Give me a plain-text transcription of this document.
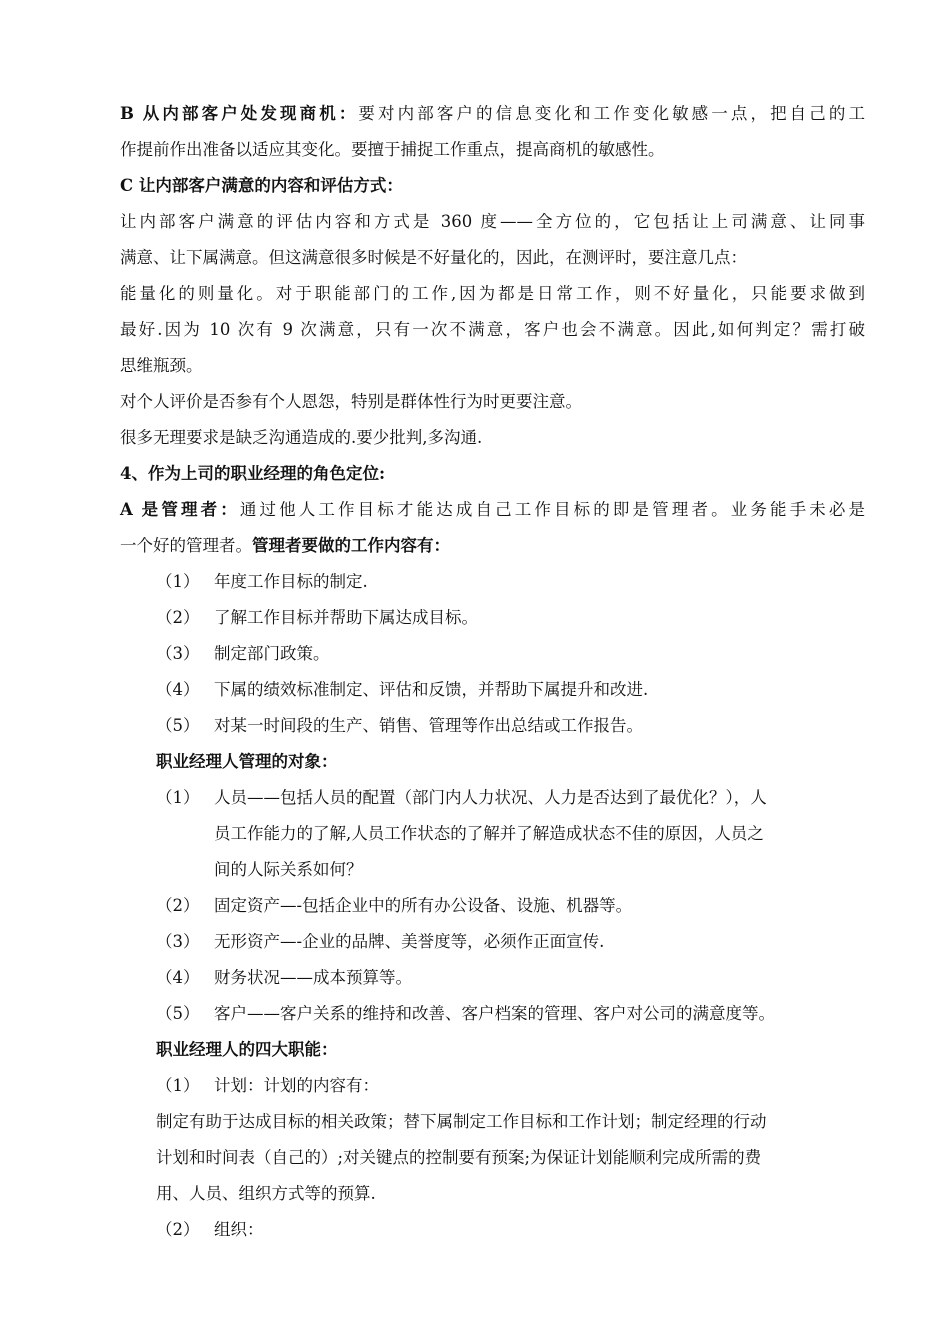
B 从内部客户处发现商机：要对内部客户的信息变化和工作变化敏感一点，把自己的工
作提前作出准备以适应其变化。要擅于捕捉工作重点，提高商机的敏感性。
C 让内部客户满意的内容和评估方式：
让内部客户满意的评估内容和方式是 360 度——全方位的，它包括让上司满意、让同事
满意、让下属满意。但这满意很多时候是不好量化的，因此，在测评时，要注意几点：
能量化的则量化。对于职能部门的工作,因为都是日常工作，则不好量化，只能要求做到
最好.因为 10 次有 9 次满意，只有一次不满意，客户也会不满意。因此,如何判定？需打破
思维瓶颈。
对个人评价是否参有个人恩怨，特别是群体性行为时更要注意。
很多无理要求是缺乏沟通造成的.要少批判,多沟通.
4、作为上司的职业经理的角色定位:
A 是管理者：通过他人工作目标才能达成自己工作目标的即是管理者。业务能手未必是
一个好的管理者。管理者要做的工作内容有：
（1） 年度工作目标的制定.
（2） 了解工作目标并帮助下属达成目标。
（3） 制定部门政策。
（4） 下属的绩效标准制定、评估和反馈，并帮助下属提升和改进.
（5） 对某一时间段的生产、销售、管理等作出总结或工作报告。
职业经理人管理的对象：
（1） 人员——包括人员的配置（部门内人力状况、人力是否达到了最优化？），人
员工作能力的了解,人员工作状态的了解并了解造成状态不佳的原因，人员之
间的人际关系如何？
（2） 固定资产—-包括企业中的所有办公设备、设施、机器等。
（3） 无形资产—-企业的品牌、美誉度等，必须作正面宣传.
（4） 财务状况——成本预算等。
（5） 客户——客户关系的维持和改善、客户档案的管理、客户对公司的满意度等。
职业经理人的四大职能：
（1） 计划：计划的内容有：
制定有助于达成目标的相关政策；替下属制定工作目标和工作计划；制定经理的行动
计划和时间表（自己的）;对关键点的控制要有预案;为保证计划能顺利完成所需的费
用、人员、组织方式等的预算.
（2） 组织：
